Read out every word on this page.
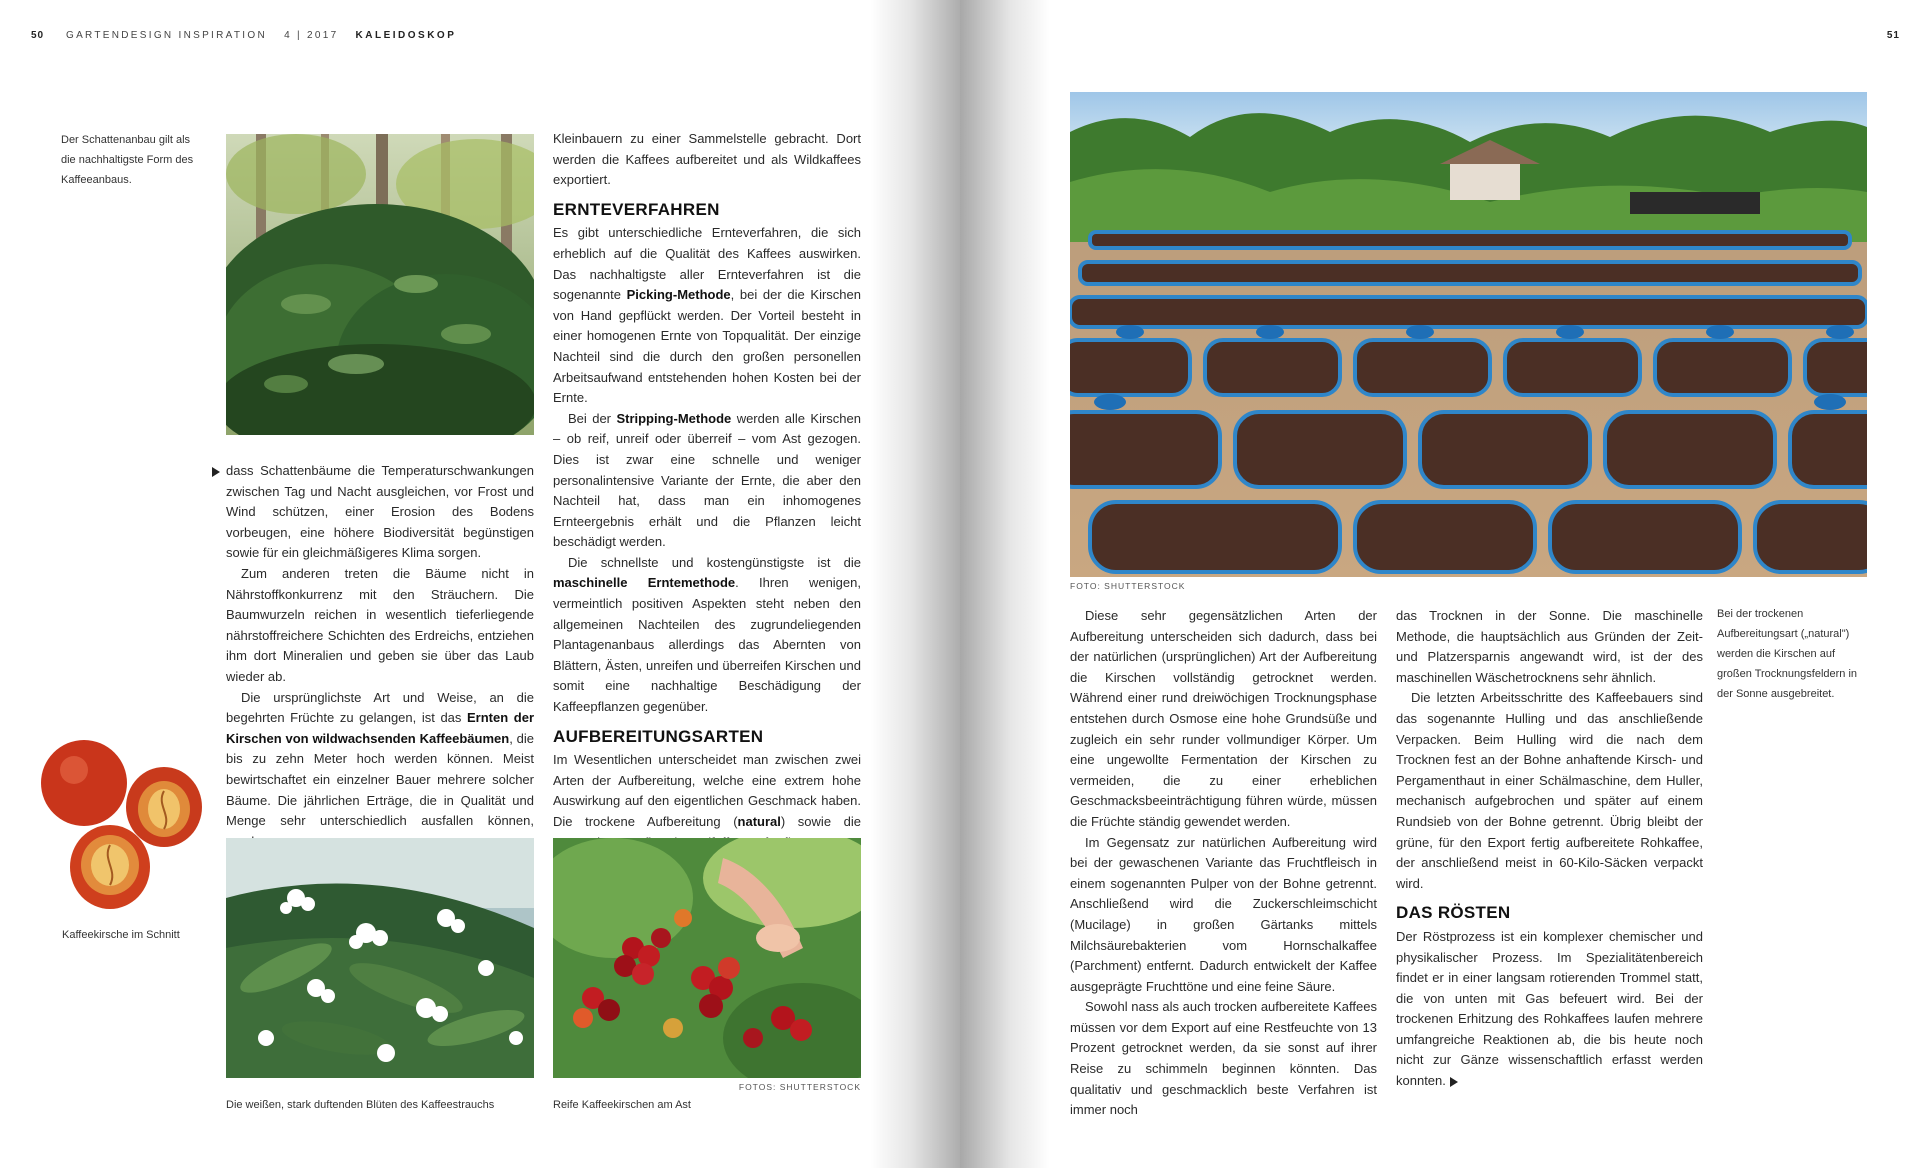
50 GARTENDESIGN INSPIRATION 4 | 2017 KALEIDOSKOP
Der Schattenanbau gilt als die nachhaltigste Form des Kaffeeanbaus.

dass Schattenbäume die Temperaturschwankungen zwischen Tag und Nacht ausgleichen, vor Frost und Wind schützen, einer Erosion des Bodens vorbeugen, eine höhere Biodiversität begünstigen sowie für ein gleichmäßigeres Klima sorgen.

Zum anderen treten die Bäume nicht in Nährstoffkonkurrenz mit den Sträuchern. Die Baumwurzeln reichen in wesentlich tieferliegende nährstoffreichere Schichten des Erdreichs, entziehen ihm dort Mineralien und geben sie über das Laub wieder ab.

Die ursprünglichste Art und Weise, an die begehrten Früchte zu gelangen, ist das Ernten der Kirschen von wildwachsenden Kaffeebäumen, die bis zu zehn Meter hoch werden können. Meist bewirtschaftet ein einzelner Bauer mehrere solcher Bäume. Die jährlichen Erträge, die in Qualität und Menge sehr unterschiedlich ausfallen können,

Kleinbauern zu einer Sammelstelle gebracht. Dort werden die Kaffees aufbereitet und als Wildkaffees exportiert.

ERNTEVERFAHREN

Es gibt unterschiedliche Ernteverfahren, die sich erheblich auf die Qualität des Kaffees auswirken. Das nachhaltigste aller Ernteverfahren ist die sogenannte Picking-Methode, bei der die Kirschen von Hand gepflückt werden. Der Vorteil besteht in einer homogenen Ernte von Topqualität. Der einzige Nachteil sind die durch den großen personellen Arbeitsaufwand entstehenden hohen Kosten bei der Ernte.

Bei der Stripping-Methode werden alle Kirschen – ob reif, unreif oder überreif – vom Ast gezogen. Dies ist zwar eine schnelle und weniger personalintensive Variante der Ernte, die aber den Nachteil hat, dass man ein inhomogenes Ernteergebnis erhält und die Pflanzen leicht beschädigt werden.

Die schnellste und kostengünstigste ist die maschinelle Erntemethode. Ihren wenigen, vermeintlich positiven Aspekten steht neben den allgemeinen Nachteilen des zugrundeliegenden Plantagenanbaus allerdings das Abernten von Blättern, Ästen, unreifen und überreifen Kirschen und somit eine nachhaltige Beschädigung der Kaffeepflanzen gegenüber.

AUFBEREITUNGSARTEN

Im Wesentlichen unterscheidet man zwischen zwei Arten der Aufbereitung, welche eine extrem hohe Auswirkung auf den eigentlichen Geschmack haben. Die trockene Aufbereitung (natural) sowie die

Kaffeekirsche im Schnitt
Die weißen, stark duftenden Blüten des Kaffeestrauchs
FOTOS: SHUTTERSTOCK
Reife Kaffeekirschen am Ast
51
FOTO: SHUTTERSTOCK

Diese sehr gegensätzlichen Arten der Aufbereitung unterscheiden sich dadurch, dass bei der natürlichen (ursprünglichen) Art der Aufbereitung die Kirschen vollständig getrocknet werden. Während einer rund dreiwöchigen Trocknungsphase entstehen durch Osmose eine hohe Grundsüße und zugleich ein sehr runder vollmundiger Körper. Um eine ungewollte Fermentation der Kirschen zu vermeiden, die zu einer erheblichen Geschmacksbeeinträchtigung führen würde, müssen die Früchte ständig gewendet werden.

Im Gegensatz zur natürlichen Aufbereitung wird bei der gewaschenen Variante das Fruchtfleisch in einem sogenannten Pulper von der Bohne getrennt. Anschließend wird die Zuckerschleimschicht (Mucilage) in großen Gärtanks mittels Milchsäurebakterien vom Hornschalkaffee (Parchment) entfernt. Dadurch entwickelt der Kaffee ausgeprägte Fruchttöne und eine feine Säure.

Sowohl nass als auch trocken aufbereitete Kaffees müssen vor dem Export auf eine Restfeuchte von 13 Prozent getrocknet werden, da sie sonst auf ihrer Reise zu schimmeln beginnen könnten. Das qualitativ und geschmacklich beste Verfahren ist immer noch

das Trocknen in der Sonne. Die maschinelle Methode, die hauptsächlich aus Gründen der Zeit- und Platzersparnis angewandt wird, ist der des maschinellen Wäschetrocknens sehr ähnlich.

Die letzten Arbeitsschritte des Kaffeebauers sind das sogenannte Hulling und das anschließende Verpacken. Beim Hulling wird die nach dem Trocknen fest an der Bohne anhaftende Kirsch- und Pergamenthaut in einer Schälmaschine, dem Huller, mechanisch aufgebrochen und später auf einem Rundsieb von der Bohne getrennt. Übrig bleibt der grüne, für den Export fertig aufbereitete Rohkaffee, der anschließend meist in 60-Kilo-Säcken verpackt wird.

DAS RÖSTEN

Der Röstprozess ist ein komplexer chemischer und physikalischer Prozess. Im Spezialitätenbereich findet er in einer langsam rotierenden Trommel statt, die von unten mit Gas befeuert wird. Bei der trockenen Erhitzung des Rohkaffees laufen mehrere umfangreiche Reaktionen ab, die bis heute noch nicht zur Gänze wissenschaftlich erfasst werden konnten.

Bei der trockenen Aufbereitungsart („natural") werden die Kirschen auf großen Trocknungsfeldern in der Sonne ausgebreitet.
